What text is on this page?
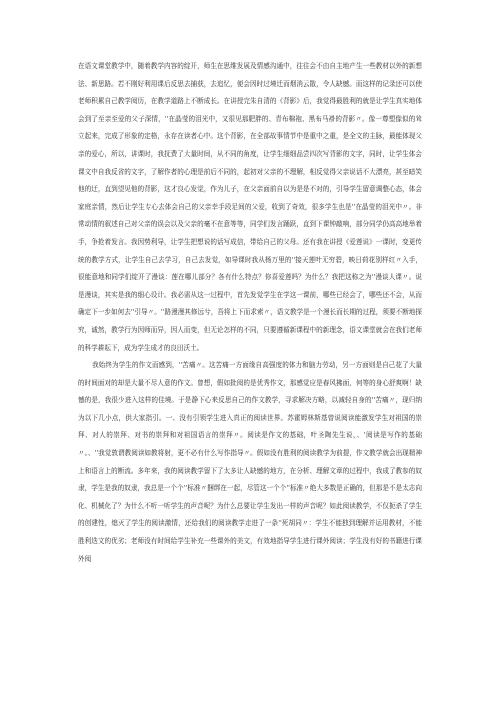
在语文课堂教学中，随着教学内容的绽开，师生在思维发展及情感沟通中，往往会不由自主地产生一些教材以外的新想法、新思路。若不刚好利用课后反思去捕获，去追忆，便会因时过境迁而烟消云散，令人缺憾。而这样的记录还可以使老师积累自己教学阅历，在教学道路上不断成长。在讲授完朱自清的《背影》后，我觉得最胜利的就是让学生真实地体会到了至亲至爱的父子深情，''在晶莹的泪光中，又很见那肥胖的、青布棉袍、黑布马褂的背影〃。像一尊塑像似的耸立起来，完成了形象的定格，永存在读者心中。这个背影，在全部故事情节中是重中之重，是全文的主脉，最能体现父亲的爱心，所以，讲课时，我抚费了大量时间，从不同的角度，让学生细细品尝四次写背影的文字，同时，让学生体会课文中自我反省的文字，了解作者的心理是前后不同的，起初对父亲的不理解，相反觉得父亲说话不大漂亮，甚至暗笑他的迂，直到望见他的背影，这才良心发觉，作为儿子，在父亲面前自以为是是不对的，引导学生留意调整心态，体会家庭亲情，然后让学生专心去体会自己的父亲幸手段足间的父爱，收到了奇效，很多学生也是''在晶莹的泪光中〃。非常动情的叙述自己对父亲的误会以及父亲的毫不在意等等，同学们发言踊跃，直到下课钟敲响，部分同学仍高高地举着手，争抢着发言。我因势利导，让学生把想说的话写成信，带给自己的父母。还有我在讲授《爱莲说》一课时，变更传统的教学方式，让学生自己去学习，自己去发觉，如导课时我从杨万里的''接天莲叶无穷碧，映日荷花别样红〃入手，很能意地和同学们绽开了漫谈：莲在哪儿部分？各有什么特点？你喜爱莲吗？为什么？我把这称之为''漫谈人课〃。说是漫谈，其实是我的细心设计。我必需从这一过程中，首先发觉学生在学这一课前，哪些已经会了，哪些还不会，从而确定下一步如何去''引导〃。''路漫漫其修远兮，吾将上下而求索〃，语文教学是一个漫长而长期的过程，须要不断地探究，诚然，教学行为因师而异，因人而变，但无论怎样的不同，只要遵循新课程中的新理念，语文课堂就会在我们老师的科学耕耘下，成为学生成才的良田沃土。

我始终为学生的作文而感到，''苦痛〃。这苦痛一方面缘自高强度的体力和脑力劳动，另一方面则是自己花了大量的时间面对的却是大量不尽人意的作文。曾想，假如批阅的是优秀作文，那感觉应是春风拂面，何等的身心舒爽啊！缺憾的是，我很少进入这样的佳境。于是静下心来反思自己的作文教学，寻求解决方略，以减轻自身的''苦痛〃，现归纳为以下几小点，供大家指引。一、没有引领学生进入真正的阅读世界。苏霍姆林斯基曾说阅读能激发学生对祖国的崇拜、对人的崇拜、对书的崇拜和对祖国语言的崇拜〃。阅读是作文的基础，叶圣陶先生说，、'阅读是写作的基础〃。、''我觉敦谓教阅读如教将射，更不必有什么写作指导〃。假如没有胜利的阅读教学为前提，作文教学就会出现精神上和语言上的断流。多年来，我的阅读教学留下了太多让人缺憾的地方，在分析、理解文章的过程中，我成了教参的奴隶，学生是我的奴隶，我总是一个个''标准〃捆绑在一起，尽管这一个个''标准〃绝大多数是正确的，但那是不是太志向化、机械化了？为什么不听一听学生的声音呢？为什么总要让学生发出一样的声音呢？如此阅读教学，不仅扼杀了学生的创建性，熄灭了学生的阅读激情，还给我们的阅读教学走进了一条''死胡同〃：学生不能独到理解并运用教材，不能胜利迭文的优劣；老师没有时间给学生补充一些课外的美文，有效地指导学生进行课外阅读；学生没有好的书籍进行课外阅
